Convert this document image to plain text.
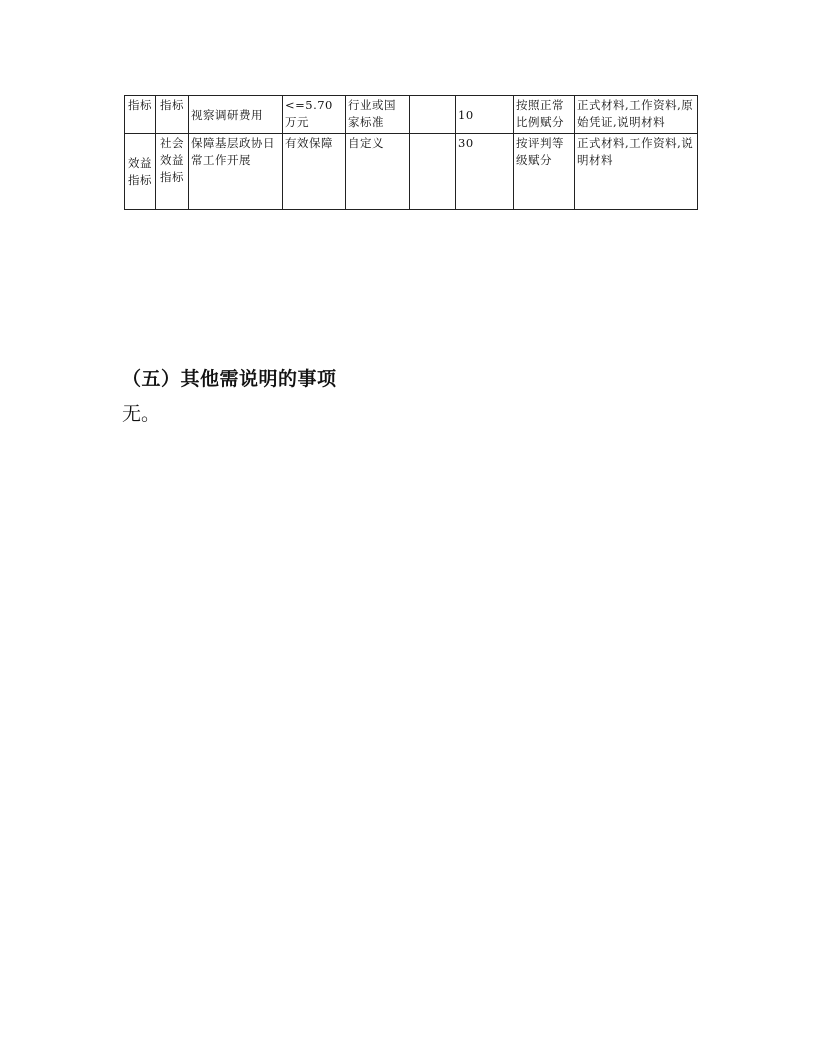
指标	指标	视察调研费用	<=5.70 万元	行业或国家标准		10	按照正常比例赋分	正式材料,工作资料,原始凭证,说明材料
效益指标	社会效益指标	保障基层政协日常工作开展	有效保障	自定义		30	按评判等级赋分	正式材料,工作资料,说明材料
（五）其他需说明的事项
无。
